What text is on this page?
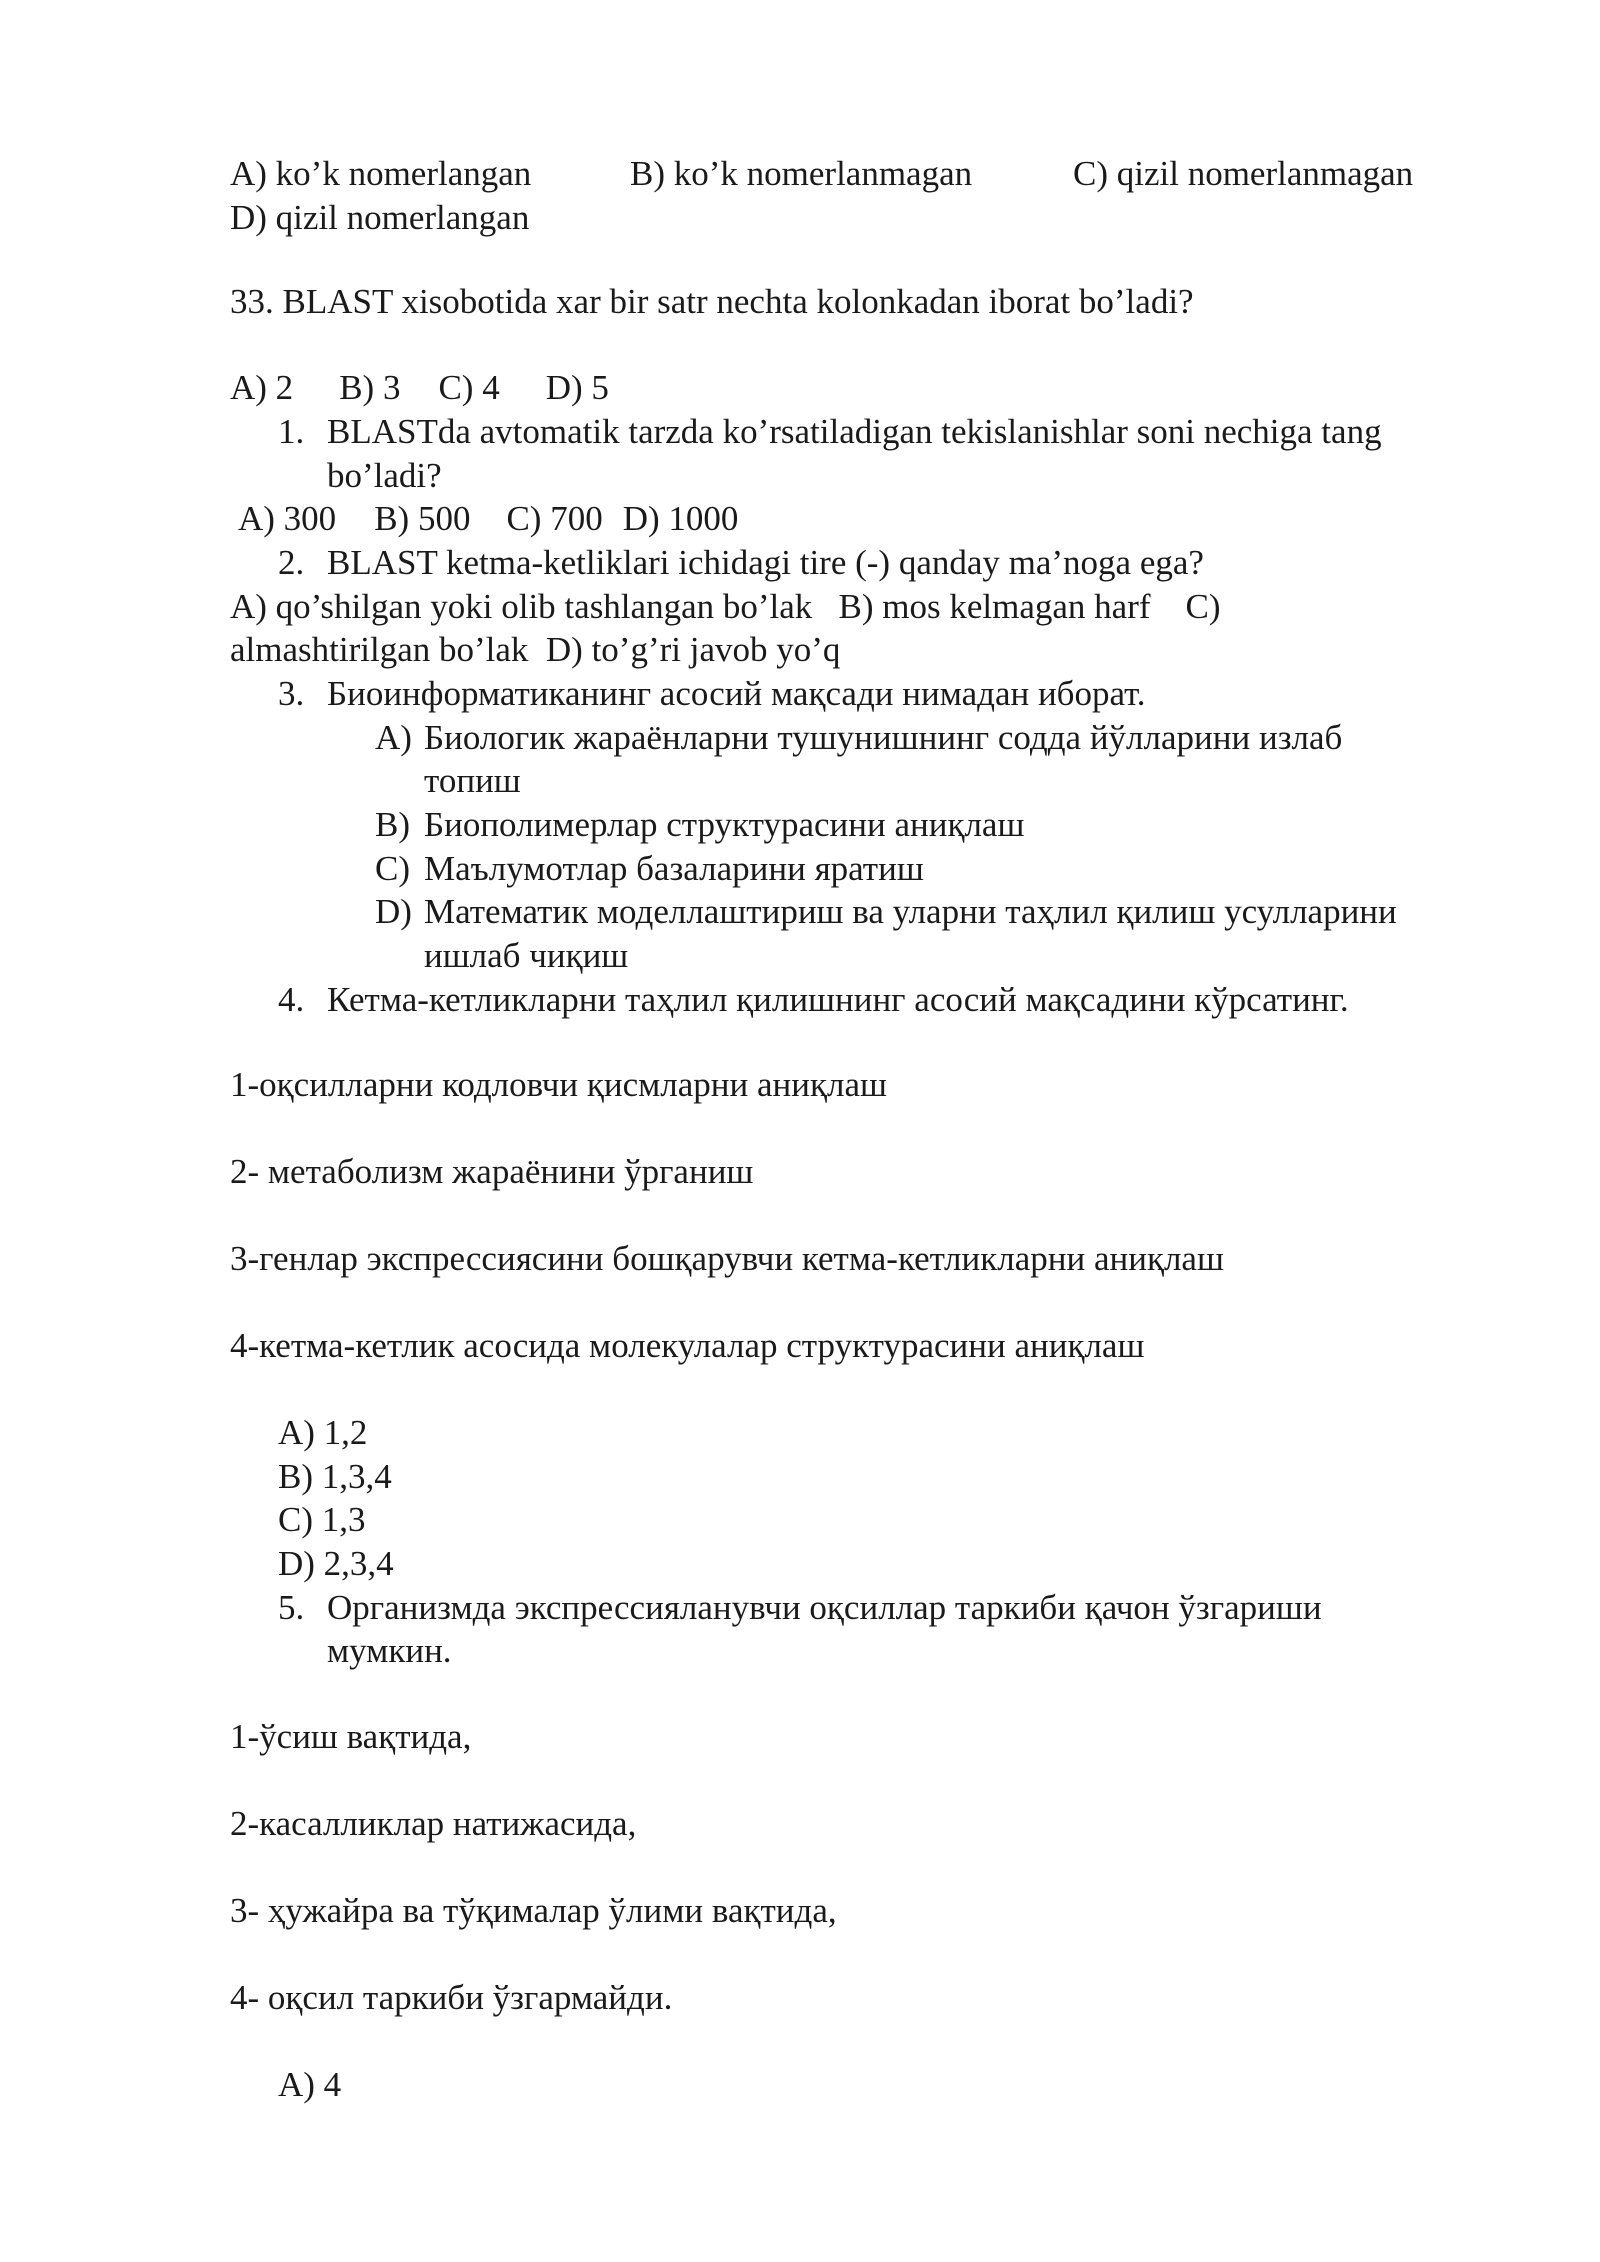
A) ko’k nomerlangan	B) ko’k nomerlanmagan	C) qizil nomerlanmagan
D) qizil nomerlangan
33. BLAST xisobotida xar bir satr nechta kolonkadan iborat bo’ladi?
A) 2 B) 3 C) 4 D) 5
1. BLASTda avtomatik tarzda ko’rsatiladigan tekislanishlar soni nechiga tang
bo’ladi?
A) 300 B) 500 C) 700 D) 1000
2. BLAST ketma-ketliklari ichidagi tire (-) qanday ma’noga ega?
A) qo’shilgan yoki olib tashlangan bo’lak   B) mos kelmagan harf    C)
almashtirilgan bo’lak  D) to’g’ri javob yo’q
3. Биоинформатиканинг асосий мақсади нимадан иборат.
A) Биологик жараёнларни тушунишнинг содда йўлларини излаб
топиш
B) Биополимерлар структурасини аниқлаш
C) Маълумотлар базаларини яратиш
D) Математик моделлаштириш ва уларни таҳлил қилиш усулларини
ишлаб чиқиш
4. Кетма-кетликларни таҳлил қилишнинг асосий мақсадини кўрсатинг.
1-оқсилларни кодловчи қисмларни аниқлаш
2- метаболизм жараёнини ўрганиш
3-генлар экспрессиясини бошқарувчи кетма-кетликларни аниқлаш
4-кетма-кетлик асосида молекулалар структурасини аниқлаш
A) 1,2
B) 1,3,4
C) 1,3
D) 2,3,4
5. Организмда экспрессияланувчи оқсиллар таркиби қачон ўзгариши
мумкин.
1-ўсиш вақтида,
2-касалликлар натижасида,
3- ҳужайра ва тўқималар ўлими вақтида,
4- оқсил таркиби ўзгармайди.
A) 4
